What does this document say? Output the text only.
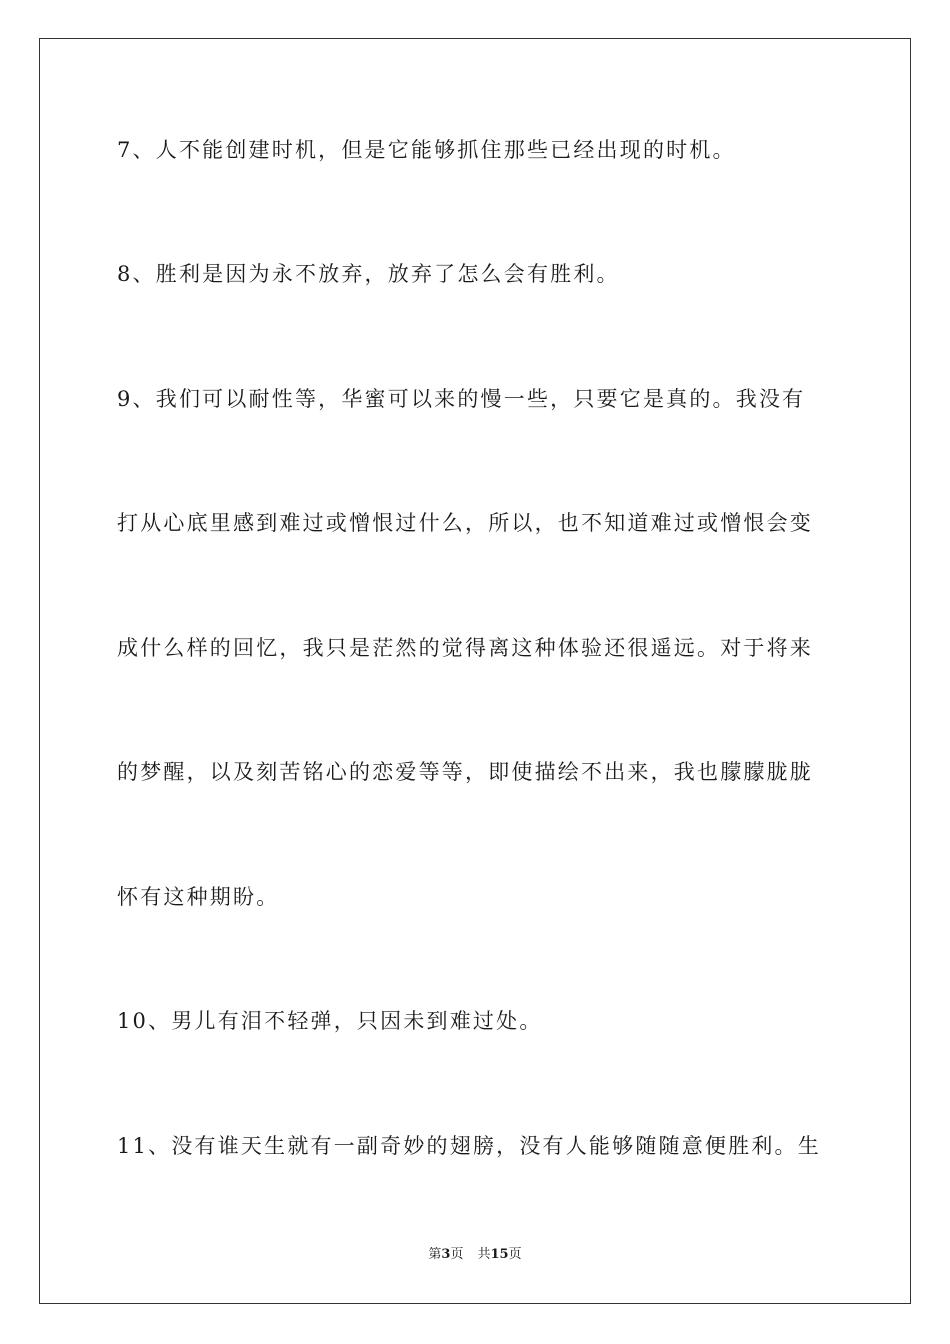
7、人不能创建时机，但是它能够抓住那些已经出现的时机。
8、胜利是因为永不放弃，放弃了怎么会有胜利。
9、我们可以耐性等，华蜜可以来的慢一些，只要它是真的。我没有
打从心底里感到难过或憎恨过什么，所以，也不知道难过或憎恨会变
成什么样的回忆，我只是茫然的觉得离这种体验还很遥远。对于将来
的梦醒，以及刻苦铭心的恋爱等等，即使描绘不出来，我也朦朦胧胧
怀有这种期盼。
10、男儿有泪不轻弹，只因未到难过处。
11、没有谁天生就有一副奇妙的翅膀，没有人能够随随意便胜利。生
第3页 共15页
